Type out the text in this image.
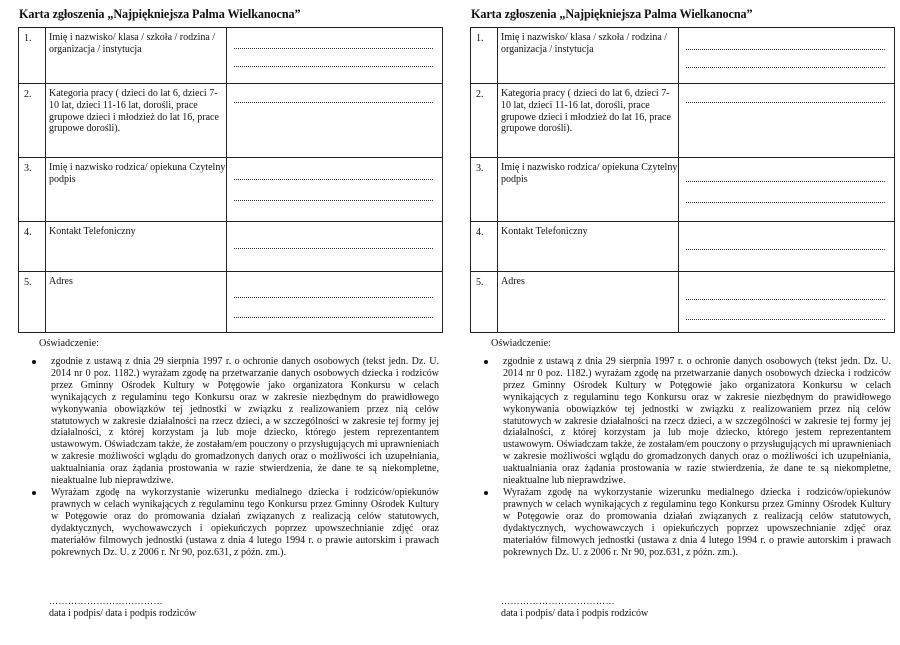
Karta zgłoszenia „Najpiękniejsza Palma Wielkanocna”
1.	Imię i nazwisko/ klasa / szkoła / rodzina / organizacja / instytucja	

2.	Kategoria pracy ( dzieci do lat 6, dzieci 7-10 lat, dzieci 11-16 lat, dorośli, prace grupowe dzieci i młodzież do lat 16, prace grupowe dorośli).	

3.	Imię i nazwisko rodzica/ opiekuna Czytelny podpis	

4.	Kontakt Telefoniczny	

5.	Adres	
Oświadczenie:
zgodnie z ustawą z dnia 29 sierpnia 1997 r. o ochronie danych osobowych (tekst jedn. Dz. U. 2014 nr 0 poz. 1182.) wyrażam zgodę na przetwarzanie danych osobowych dziecka i rodziców przez Gminny Ośrodek Kultury w Potęgowie jako organizatora Konkursu w celach wynikających z regulaminu tego Konkursu oraz w zakresie niezbędnym do prawidłowego wykonywania obowiązków tej jednostki w związku z realizowaniem przez nią celów statutowych w zakresie działalności na rzecz dzieci, a w szczególności w zakresie tej formy jej działalności, z której korzystam ja lub moje dziecko, którego jestem reprezentantem ustawowym. Oświadczam także, że zostałam/em pouczony o przysługujących mi uprawnieniach w zakresie możliwości wglądu do gromadzonych danych oraz o możliwości ich uzupełniania, uaktualniania oraz żądania prostowania w razie stwierdzenia, że dane te są niekompletne, nieaktualne lub nieprawdziwe.
Wyrażam zgodę na wykorzystanie wizerunku medialnego dziecka i rodziców/opiekunów prawnych w celach wynikających z regulaminu tego Konkursu przez Gminny Ośrodek Kultury w Potęgowie oraz do promowania działań związanych z realizacją celów statutowych, dydaktycznych, wychowawczych i opiekuńczych poprzez upowszechnianie zdjęć oraz materiałów filmowych jednostki (ustawa z dnia 4 lutego 1994 r. o prawie autorskim i prawach pokrewnych Dz. U. z 2006 r. Nr 90, poz.631, z późn. zm.).
………………………………
data i podpis/ data i podpis rodziców
Karta zgłoszenia „Najpiękniejsza Palma Wielkanocna”
1.	Imię i nazwisko/ klasa / szkoła / rodzina / organizacja / instytucja	

2.	Kategoria pracy ( dzieci do lat 6, dzieci 7-10 lat, dzieci 11-16 lat, dorośli, prace grupowe dzieci i młodzież do lat 16, prace grupowe dorośli).	

3.	Imię i nazwisko rodzica/ opiekuna Czytelny podpis	

4.	Kontakt Telefoniczny	

5.	Adres	
Oświadczenie:
zgodnie z ustawą z dnia 29 sierpnia 1997 r. o ochronie danych osobowych (tekst jedn. Dz. U. 2014 nr 0 poz. 1182.) wyrażam zgodę na przetwarzanie danych osobowych dziecka i rodziców przez Gminny Ośrodek Kultury w Potęgowie jako organizatora Konkursu w celach wynikających z regulaminu tego Konkursu oraz w zakresie niezbędnym do prawidłowego wykonywania obowiązków tej jednostki w związku z realizowaniem przez nią celów statutowych w zakresie działalności na rzecz dzieci, a w szczególności w zakresie tej formy jej działalności, z której korzystam ja lub moje dziecko, którego jestem reprezentantem ustawowym. Oświadczam także, że zostałam/em pouczony o przysługujących mi uprawnieniach w zakresie możliwości wglądu do gromadzonych danych oraz o możliwości ich uzupełniania, uaktualniania oraz żądania prostowania w razie stwierdzenia, że dane te są niekompletne, nieaktualne lub nieprawdziwe.
Wyrażam zgodę na wykorzystanie wizerunku medialnego dziecka i rodziców/opiekunów prawnych w celach wynikających z regulaminu tego Konkursu przez Gminny Ośrodek Kultury w Potęgowie oraz do promowania działań związanych z realizacją celów statutowych, dydaktycznych, wychowawczych i opiekuńczych poprzez upowszechnianie zdjęć oraz materiałów filmowych jednostki (ustawa z dnia 4 lutego 1994 r. o prawie autorskim i prawach pokrewnych Dz. U. z 2006 r. Nr 90, poz.631, z późn. zm.).
………………………………
data i podpis/ data i podpis rodziców
